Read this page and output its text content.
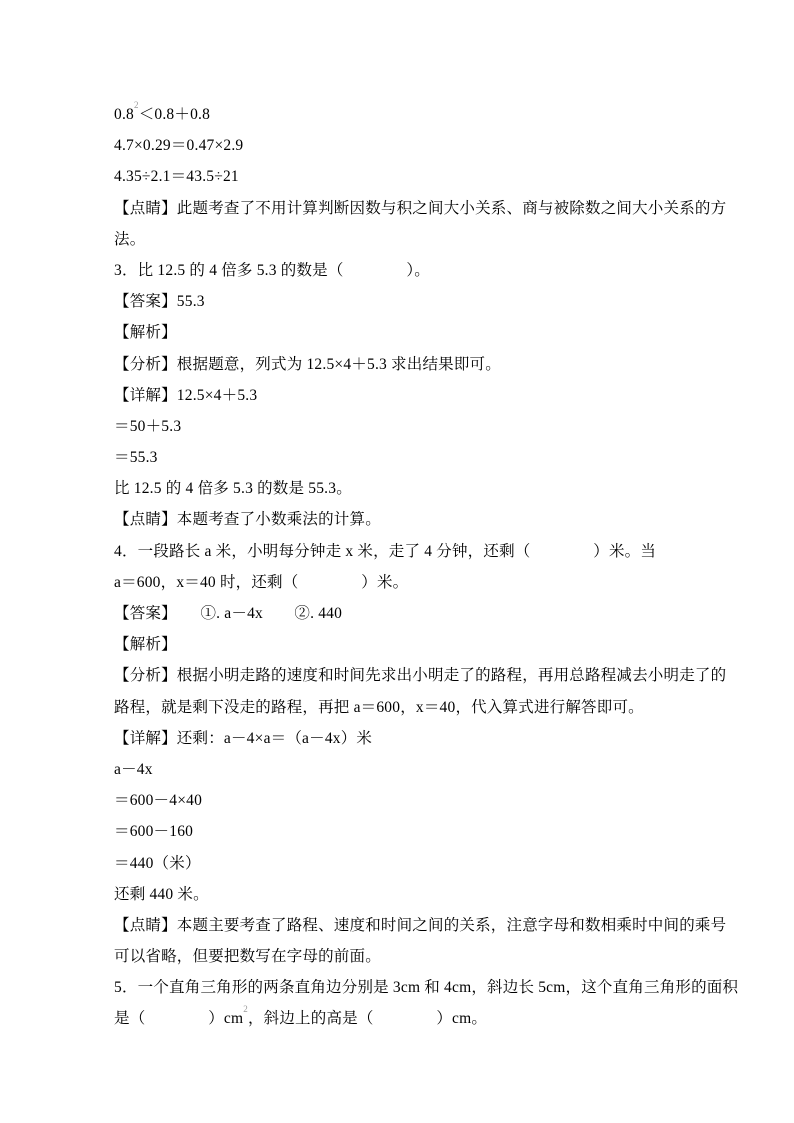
$0.8^2<0.8+0.8$
4.7×0.29＝0.47×2.9
4.35÷2.1＝43.5÷21
【点睛】此题考查了不用计算判断因数与积之间大小关系、商与被除数之间大小关系的方
法。
3．比 12.5 的 4 倍多 5.3 的数是（　　　　）。
【答案】55.3
【解析】
【分析】根据题意，列式为 12.5×4＋5.3 求出结果即可。
【详解】12.5×4＋5.3
＝50＋5.3
＝55.3
比 12.5 的 4 倍多 5.3 的数是 55.3。
【点睛】本题考查了小数乘法的计算。
4．一段路长 a 米，小明每分钟走 x 米，走了 4 分钟，还剩（　　　　）米。当
a＝600，x＝40 时，还剩（　　　　）米。
【答案】　　①. a－4x　　②. 440
【解析】
【分析】根据小明走路的速度和时间先求出小明走了的路程，再用总路程减去小明走了的
路程，就是剩下没走的路程，再把 a＝600，x＝40，代入算式进行解答即可。
【详解】还剩：a－4×a＝（a－4x）米
a－4x
＝600－4×40
＝600－160
＝440（米）
还剩 440 米。
【点睛】本题主要考查了路程、速度和时间之间的关系，注意字母和数相乘时中间的乘号
可以省略，但要把数写在字母的前面。
5．一个直角三角形的两条直角边分别是 3cm 和 4cm，斜边长 5cm，这个直角三角形的面积
是（　　　　）$cm^2$，斜边上的高是（　　　　）cm。
